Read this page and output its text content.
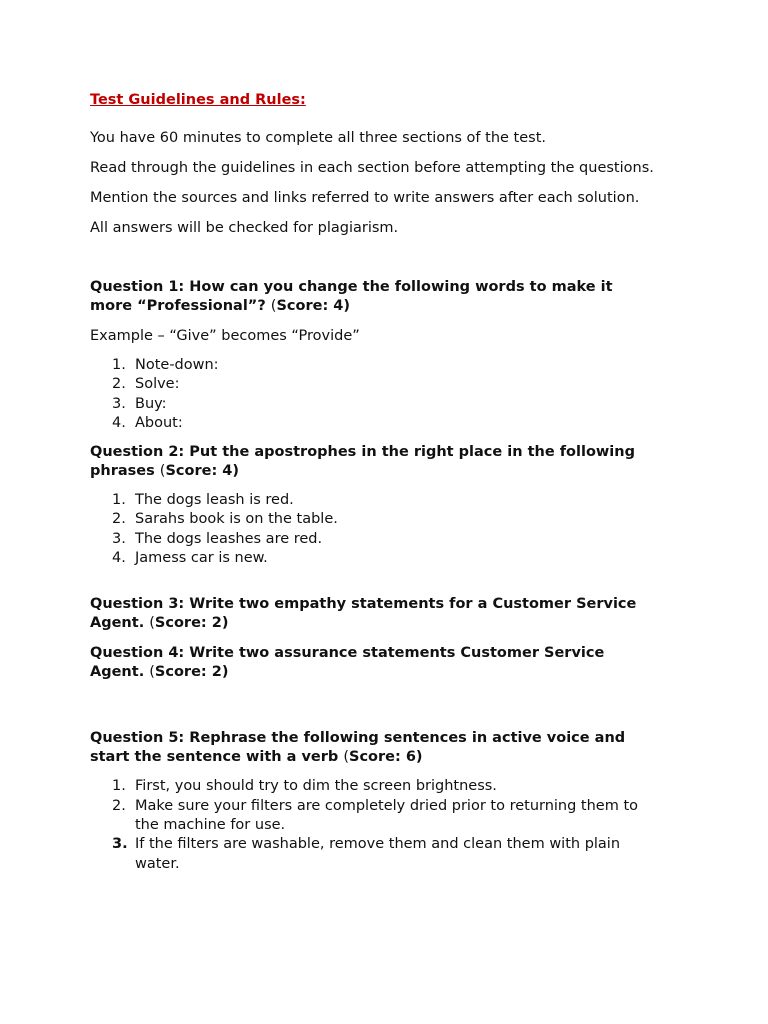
Test Guidelines and Rules:

You have 60 minutes to complete all three sections of the test.

Read through the guidelines in each section before attempting the questions.

Mention the sources and links referred to write answers after each solution.

All answers will be checked for plagiarism.

Question 1: How can you change the following words to make it
more “Professional”? (Score: 4)

Example – “Give” becomes “Provide”

1. Note-down:
2. Solve:
3. Buy:
4. About:

Question 2: Put the apostrophes in the right place in the following
phrases (Score: 4)

1. The dogs leash is red.
2. Sarahs book is on the table.
3. The dogs leashes are red.
4. Jamess car is new.

Question 3: Write two empathy statements for a Customer Service
Agent. (Score: 2)

Question 4: Write two assurance statements Customer Service
Agent. (Score: 2)

Question 5: Rephrase the following sentences in active voice and
start the sentence with a verb (Score: 6)

1. First, you should try to dim the screen brightness.
2. Make sure your filters are completely dried prior to returning them to
the machine for use.
3. If the filters are washable, remove them and clean them with plain
water.
